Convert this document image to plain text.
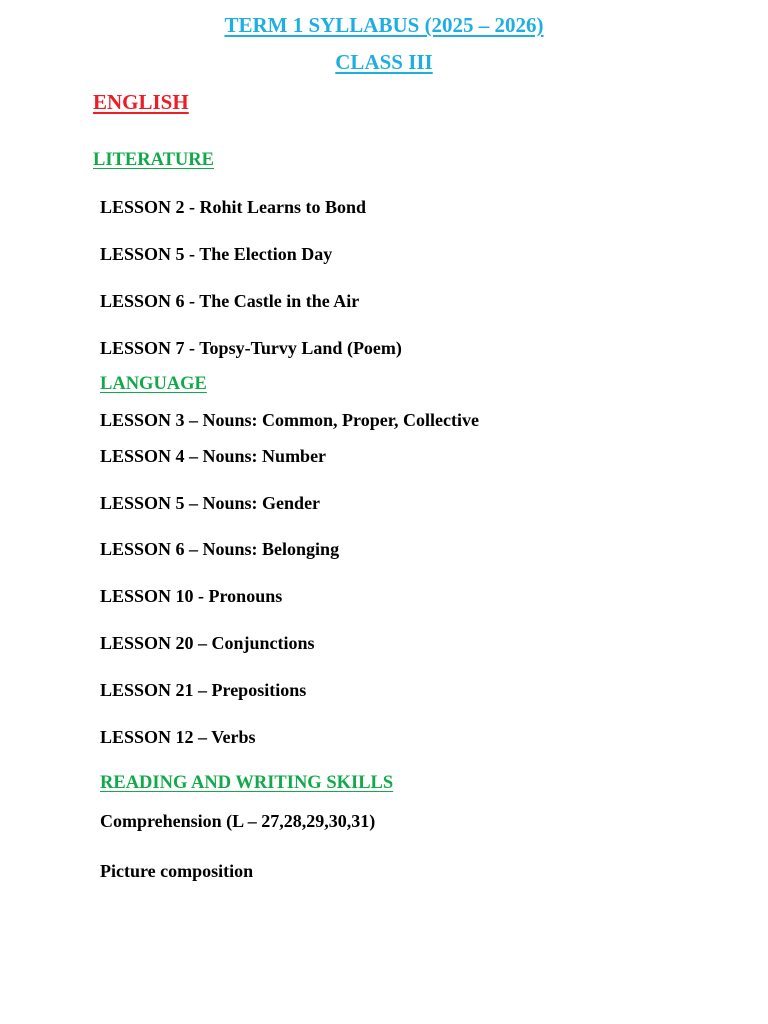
TERM 1 SYLLABUS (2025 – 2026)
CLASS III
ENGLISH
LITERATURE
LESSON 2 - Rohit Learns to Bond
LESSON 5 - The Election Day
LESSON 6 - The Castle in the Air
LESSON 7 - Topsy-Turvy Land (Poem)
LANGUAGE
LESSON 3 – Nouns: Common, Proper, Collective
LESSON 4 – Nouns: Number
LESSON 5 – Nouns: Gender
LESSON 6 – Nouns: Belonging
LESSON 10 - Pronouns
LESSON 20 – Conjunctions
LESSON 21 – Prepositions
LESSON 12 – Verbs
READING AND WRITING SKILLS
Comprehension (L – 27,28,29,30,31)
Picture composition
